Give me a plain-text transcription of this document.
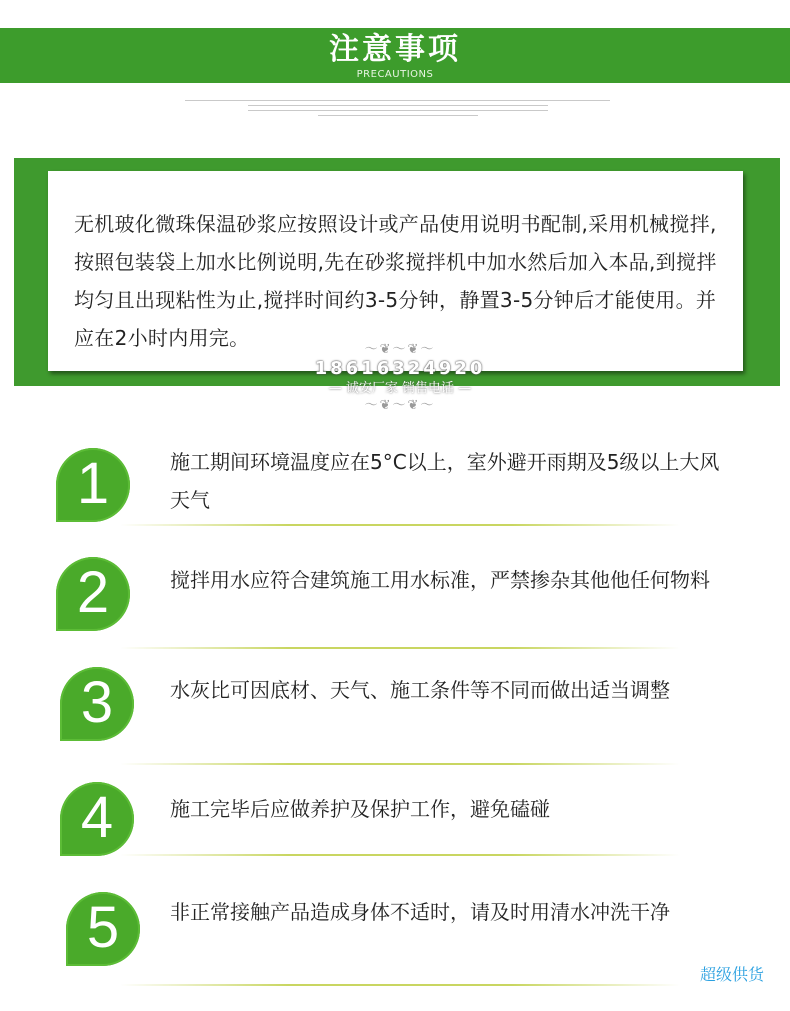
注意事项
PRECAUTIONS
无机玻化微珠保温砂浆应按照设计或产品使用说明书配制,采用机械搅拌,按照包装袋上加水比例说明,先在砂浆搅拌机中加水然后加入本品,到搅拌均匀且出现粘性为止,搅拌时间约3-5分钟，静置3-5分钟后才能使用。并应在2小时内用完。	〜❦〜❦〜
18616324920
— 诚安厂家 销售电话 —
〜❦〜❦〜
1	施工期间环境温度应在5°C以上，室外避开雨期及5级以上大风天气
2	搅拌用水应符合建筑施工用水标准，严禁掺杂其他他任何物料
3	水灰比可因底材、天气、施工条件等不同而做出适当调整
4	施工完毕后应做养护及保护工作，避免磕碰
5	非正常接触产品造成身体不适时，请及时用清水冲洗干净
超级供货
